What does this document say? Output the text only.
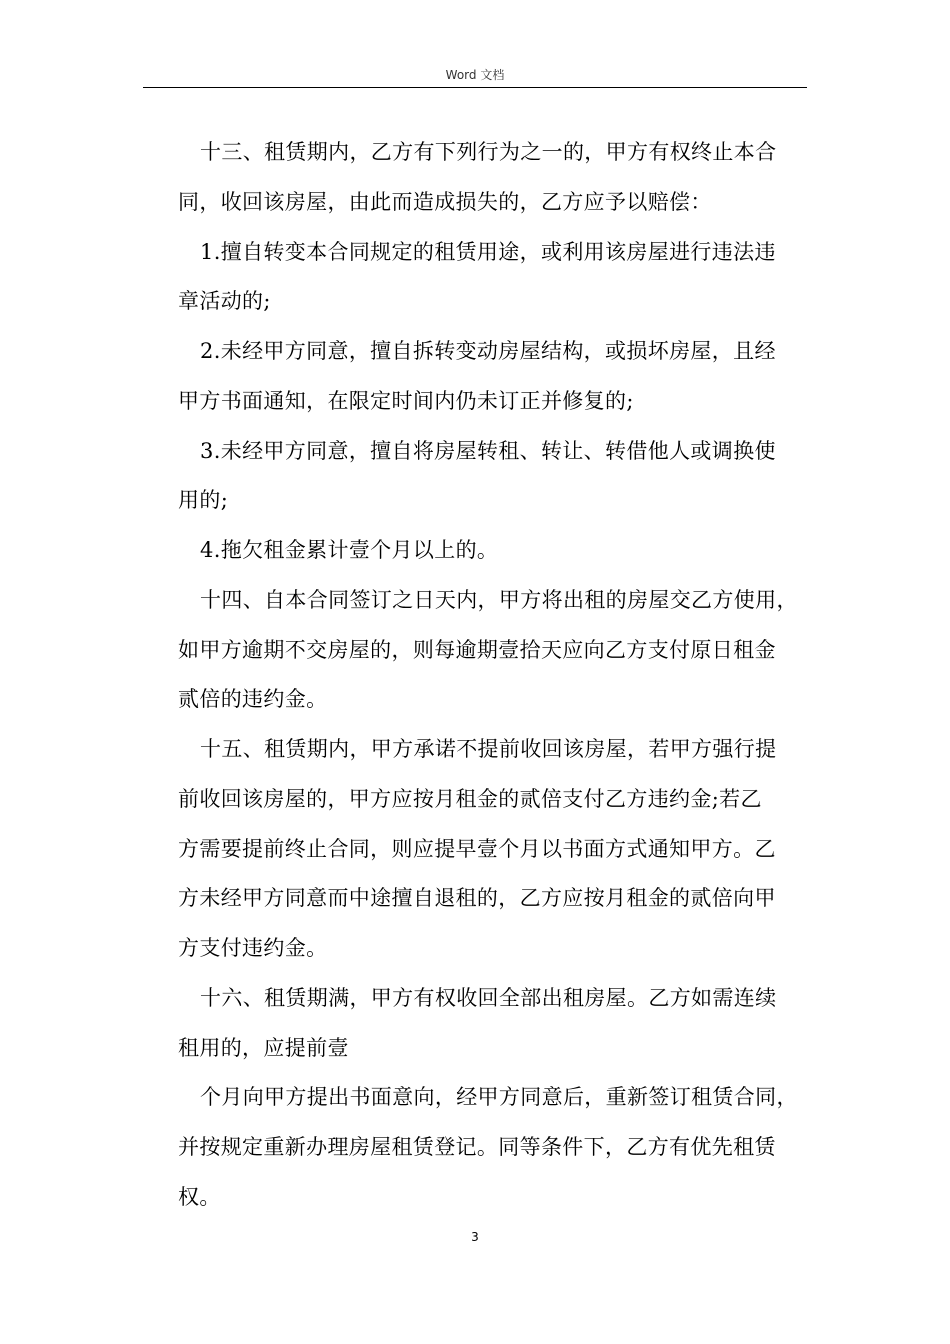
Word 文档
十三、租赁期内，乙方有下列行为之一的，甲方有权终止本合
同，收回该房屋，由此而造成损失的，乙方应予以赔偿：
1.擅自转变本合同规定的租赁用途，或利用该房屋进行违法违
章活动的;
2.未经甲方同意，擅自拆转变动房屋结构，或损坏房屋，且经
甲方书面通知，在限定时间内仍未订正并修复的;
3.未经甲方同意，擅自将房屋转租、转让、转借他人或调换使
用的;
4.拖欠租金累计壹个月以上的。
十四、自本合同签订之日天内，甲方将出租的房屋交乙方使用，
如甲方逾期不交房屋的，则每逾期壹拾天应向乙方支付原日租金
贰倍的违约金。
十五、租赁期内，甲方承诺不提前收回该房屋，若甲方强行提
前收回该房屋的，甲方应按月租金的贰倍支付乙方违约金;若乙
方需要提前终止合同，则应提早壹个月以书面方式通知甲方。乙
方未经甲方同意而中途擅自退租的，乙方应按月租金的贰倍向甲
方支付违约金。
十六、租赁期满，甲方有权收回全部出租房屋。乙方如需连续
租用的，应提前壹
个月向甲方提出书面意向，经甲方同意后，重新签订租赁合同，
并按规定重新办理房屋租赁登记。同等条件下，乙方有优先租赁
权。
3
